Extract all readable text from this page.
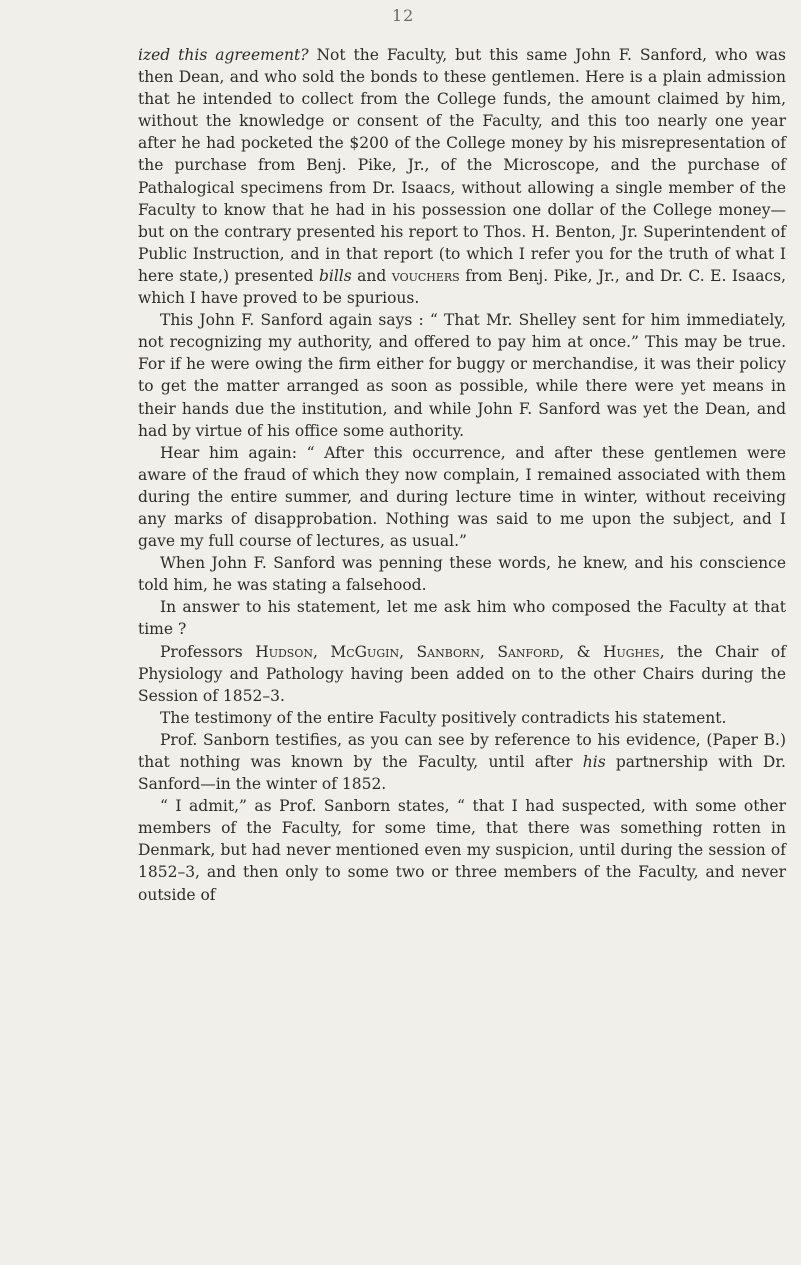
12

ized this agreement? Not the Faculty, but this same John F. Sanford, who was then Dean, and who sold the bonds to these gentlemen. Here is a plain admission that he intended to collect from the College funds, the amount claimed by him, without the knowledge or consent of the Faculty, and this too nearly one year after he had pocketed the $200 of the College money by his misrepresentation of the purchase from Benj. Pike, Jr., of the Microscope, and the purchase of Pathalogical specimens from Dr. Isaacs, without allowing a single member of the Faculty to know that he had in his possession one dollar of the College money—but on the contrary presented his report to Thos. H. Benton, Jr. Superintendent of Public Instruction, and in that report (to which I refer you for the truth of what I here state,) presented bills and vouchers from Benj. Pike, Jr., and Dr. C. E. Isaacs, which I have proved to be spurious.

This John F. Sanford again says : “ That Mr. Shelley sent for him immediately, not recognizing my authority, and offered to pay him at once.” This may be true. For if he were owing the firm either for buggy or merchandise, it was their policy to get the matter arranged as soon as possible, while there were yet means in their hands due the institution, and while John F. Sanford was yet the Dean, and had by virtue of his office some authority.

Hear him again: “ After this occurrence, and after these gentlemen were aware of the fraud of which they now complain, I remained associated with them during the entire summer, and during lecture time in winter, without receiving any marks of disapprobation. Nothing was said to me upon the subject, and I gave my full course of lectures, as usual.”

When John F. Sanford was penning these words, he knew, and his conscience told him, he was stating a falsehood.

In answer to his statement, let me ask him who composed the Faculty at that time ?

Professors Hudson, McGugin, Sanborn, Sanford, & Hughes, the Chair of Physiology and Pathology having been added on to the other Chairs during the Session of 1852–3.

The testimony of the entire Faculty positively contradicts his statement.

Prof. Sanborn testifies, as you can see by reference to his evidence, (Paper B.) that nothing was known by the Faculty, until after his partnership with Dr. Sanford—in the winter of 1852.

“ I admit,” as Prof. Sanborn states, “ that I had suspected, with some other members of the Faculty, for some time, that there was something rotten in Denmark, but had never mentioned even my suspicion, until during the session of 1852–3, and then only to some two or three members of the Faculty, and never outside of
